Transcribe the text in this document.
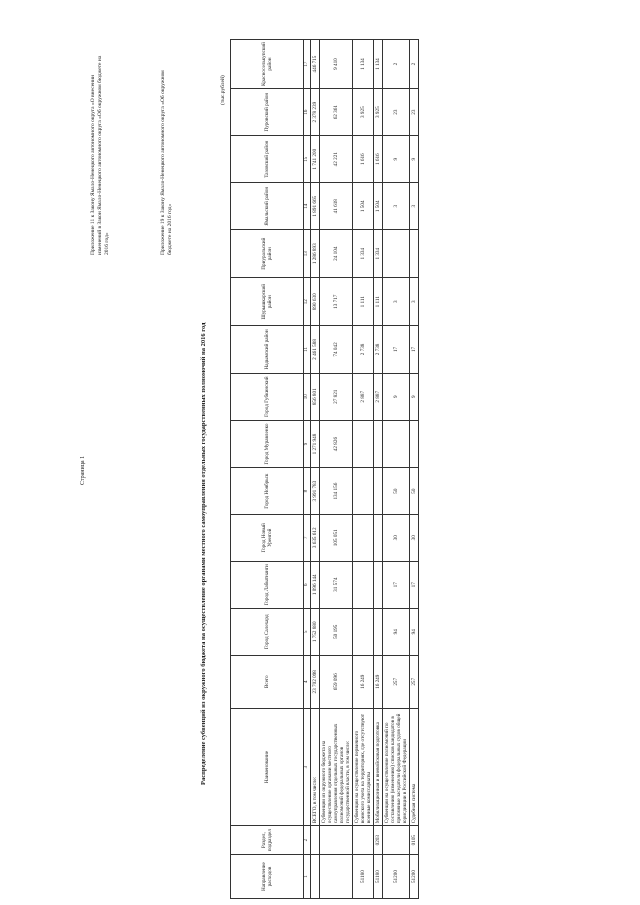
Страница 1
Приложение 11 к Закону Ямало-Ненецкого автономного округа «О внесении изменений в Закон Ямало-Ненецкого автономного округа «Об окружном бюджете на 2016 год»	Приложение 19 к Закону Ямало-Ненецкого автономного округа «Об окружном бюджете на 2016 год»
Распределение субвенций из окружного бюджета на осуществление органами местного самоуправления отдельных государственных полномочий на 2016 год
(тыс.рублей)
Направление расходов	Раздел, подраздел	Наименование	Всего	Город Салехард	Город Лабытнанги	Город Новый Уренгой	Город Ноябрьск	Город Муравленко	Город Губкинский	Надымский район	Шурышкарский район	Приуральский район	Ямальский район	Тазовский район	Пуровский район	Красноселькупский район
1	2	3	4	5	6	7	8	9	10	11	12	13	14	15	16	17
		ВСЕГО, в том числе:	23 702 098	1 752 880	1 096 144	3 635 612	3 991 783	1 271 948	856 801	2 461 588	890 630	1 286 893	1 891 665	1 741 200	2 378 239	446 715
		Субвенции из окружного бюджета на осуществление органами местного самоуправления отдельных государственных полномочий федеральных органов государственной власти, в том числе:	659 096	50 195	31 574	105 051	134 156	42 826	27 821	74 042	13 717	24 104	41 618	42 221	62 361	9 410
51180		Субвенции на осуществление первичного воинского учета на территориях, где отсутствуют военные комиссариаты	16 249						2 887	2 738	1 111	1 334	1 504	1 616	3 925	1 134
51180	0203	Мобилизационная и вневойсковая подготовка	16 249						2 887	2 738	1 111	1 334	1 504	1 616	3 925	1 134
51200		Субвенции на осуществление полномочий по составлению (изменению) списков кандидатов в присяжные заседатели федеральных судов общей юрисдикции в Российской Федерации	257	94	17	30	50		9	17	3		3	9	23	2
51200	0105	Судебная система	257	94	17	30	50		9	17	3		3	9	23	2
